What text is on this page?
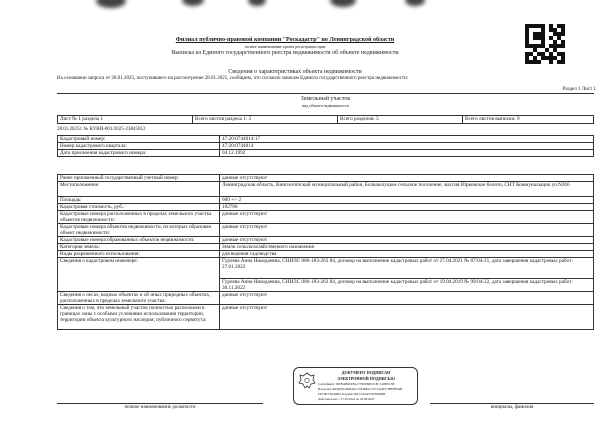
Филиал публично-правовой компании "Роскадастр" по Ленинградской области
полное наименование органа регистрации прав
Выписка из Единого государственного реестра недвижимости об объекте недвижимости
Сведения о характеристиках объекта недвижимости
На основании запроса от 28.01.2025, поступившего на рассмотрение 28.01.2025, сообщаем, что согласно записям Единого государственного реестра недвижимости:
Раздел 1 Лист 1
Земельный участок
вид объекта недвижимости
Лист № 1 раздела 1	Всего листов раздела 1: 3	Всего разделов: 5	Всего листов выписки: 9
28.01.2025г. № КУВИ-001/2025-23845012
Кадастровый номер:	47:20:0744014:17
Номер кадастрового квартала:	47:20:0744014
Дата присвоения кадастрового номера:	04.12.1992
Ранее присвоенный государственный учетный номер:	данные отсутствуют
Местоположение:	Ленинградская область, Кингисеппский муниципальный район, Большелуцкое сельское поселение, массив Юрковское болото, СНТ Коммунальщик уч.N266
Площадь:	600 +/- 2
Кадастровая стоимость, руб.:	102768
Кадастровые номера расположенных в пределах земельного участка объектов недвижимости:	данные отсутствуют
Кадастровые номера объектов недвижимости, из которых образован объект недвижимости:	данные отсутствуют
Кадастровые номера образованных объектов недвижимости:	данные отсутствуют
Категория земель:	Земли сельскохозяйственного назначения
Виды разрешенного использования:	для ведения садоводства
Сведения о кадастровом инженере:	Гурлева Анна Никодаевна, СНИЛС 086-183-263 84, договор на выполнение кадастровых работ от 27.04.2021 № 87/04-21, дата завершения кадастровых работ: 27.01.2022
	Гурлева Анна Никодаевна, СНИЛС 086-183-263 84, договор на выполнение кадастровых работ от 19.04.2019 № 99/04-22, дата завершения кадастровых работ: 30.11.2022
Сведения о лесах, водных объектах и об иных природных объектах, расположенных в пределах земельного участка:	данные отсутствуют
Сведения о том, что земельный участок полностью расположен в границах зоны с особыми условиями использования территории, территории объекта культурного наследия, публичного сервитута:	данные отсутствуют
ДОКУМЕНТ ПОДПИСАН
ЭЛЕКТРОННОЙ ПОДПИСЬЮ
Сертификат: 00FBAB6EE8A17F6E880E2C8C7A8B5C3B
Владелец: ФЕДЕРАЛЬНАЯ СЛУЖБА ГОСУДАРСТВЕННОЙ
РЕГИСТРАЦИИ, КАДАСТРА И КАРТОГРАФИИ
Действителен: с 27.05.2024 по 20.08.2025
полное наименование должности	инициалы, фамилия
